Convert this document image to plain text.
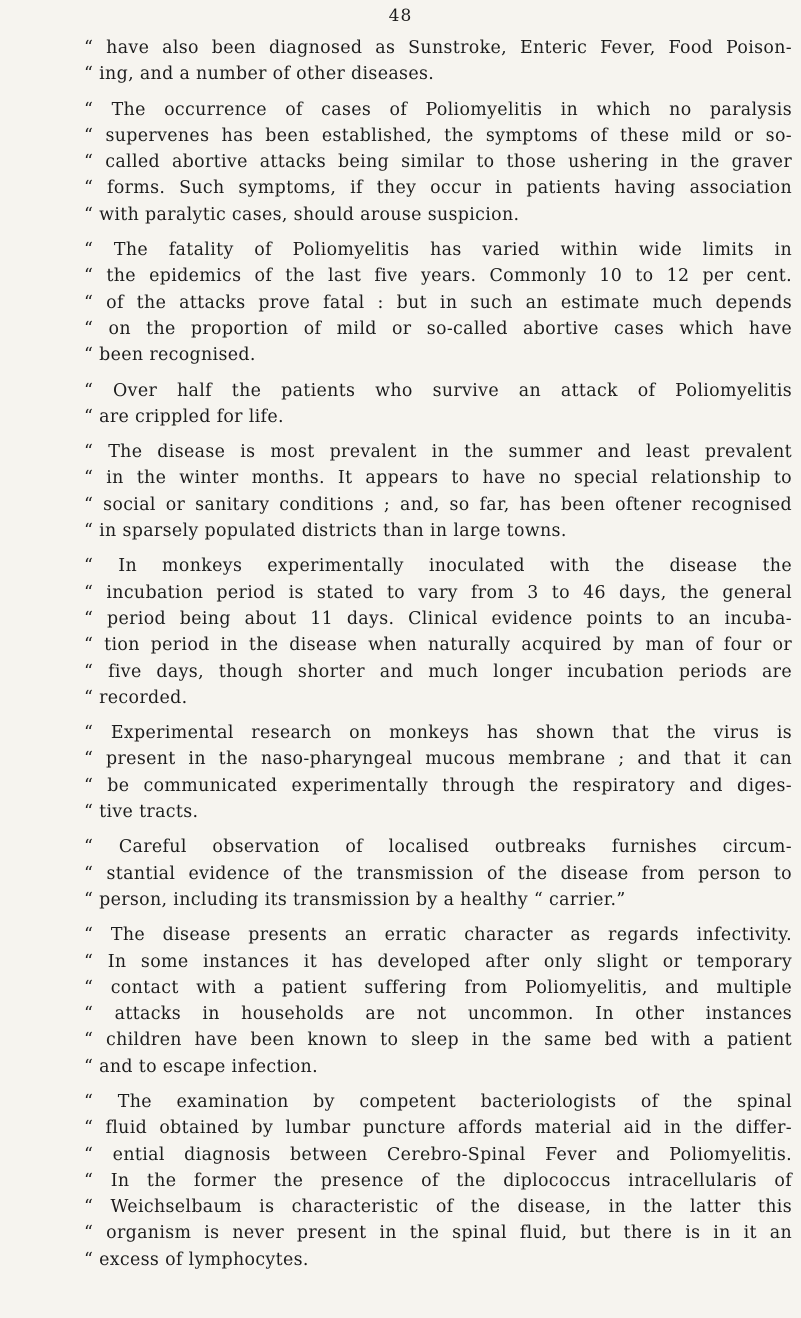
48
“ have also been diagnosed as Sunstroke, Enteric Fever, Food Poison-
“ ing, and a number of other diseases.
“ The occurrence of cases of Poliomyelitis in which no paralysis
“ supervenes has been established, the symptoms of these mild or so-
“ called abortive attacks being similar to those ushering in the graver
“ forms. Such symptoms, if they occur in patients having association
“ with paralytic cases, should arouse suspicion.
“ The fatality of Poliomyelitis has varied within wide limits in
“ the epidemics of the last five years. Commonly 10 to 12 per cent.
“ of the attacks prove fatal : but in such an estimate much depends
“ on the proportion of mild or so-called abortive cases which have
“ been recognised.
“ Over half the patients who survive an attack of Poliomyelitis
“ are crippled for life.
“ The disease is most prevalent in the summer and least prevalent
“ in the winter months. It appears to have no special relationship to
“ social or sanitary conditions ; and, so far, has been oftener recognised
“ in sparsely populated districts than in large towns.
“ In monkeys experimentally inoculated with the disease the
“ incubation period is stated to vary from 3 to 46 days, the general
“ period being about 11 days. Clinical evidence points to an incuba-
“ tion period in the disease when naturally acquired by man of four or
“ five days, though shorter and much longer incubation periods are
“ recorded.
“ Experimental research on monkeys has shown that the virus is
“ present in the naso-pharyngeal mucous membrane ; and that it can
“ be communicated experimentally through the respiratory and diges-
“ tive tracts.
“ Careful observation of localised outbreaks furnishes circum-
“ stantial evidence of the transmission of the disease from person to
“ person, including its transmission by a healthy “ carrier.”
“ The disease presents an erratic character as regards infectivity.
“ In some instances it has developed after only slight or temporary
“ contact with a patient suffering from Poliomyelitis, and multiple
“ attacks in households are not uncommon. In other instances
“ children have been known to sleep in the same bed with a patient
“ and to escape infection.
“ The examination by competent bacteriologists of the spinal
“ fluid obtained by lumbar puncture affords material aid in the differ-
“ ential diagnosis between Cerebro-Spinal Fever and Poliomyelitis.
“ In the former the presence of the diplococcus intracellularis of
“ Weichselbaum is characteristic of the disease, in the latter this
“ organism is never present in the spinal fluid, but there is in it an
“ excess of lymphocytes.
